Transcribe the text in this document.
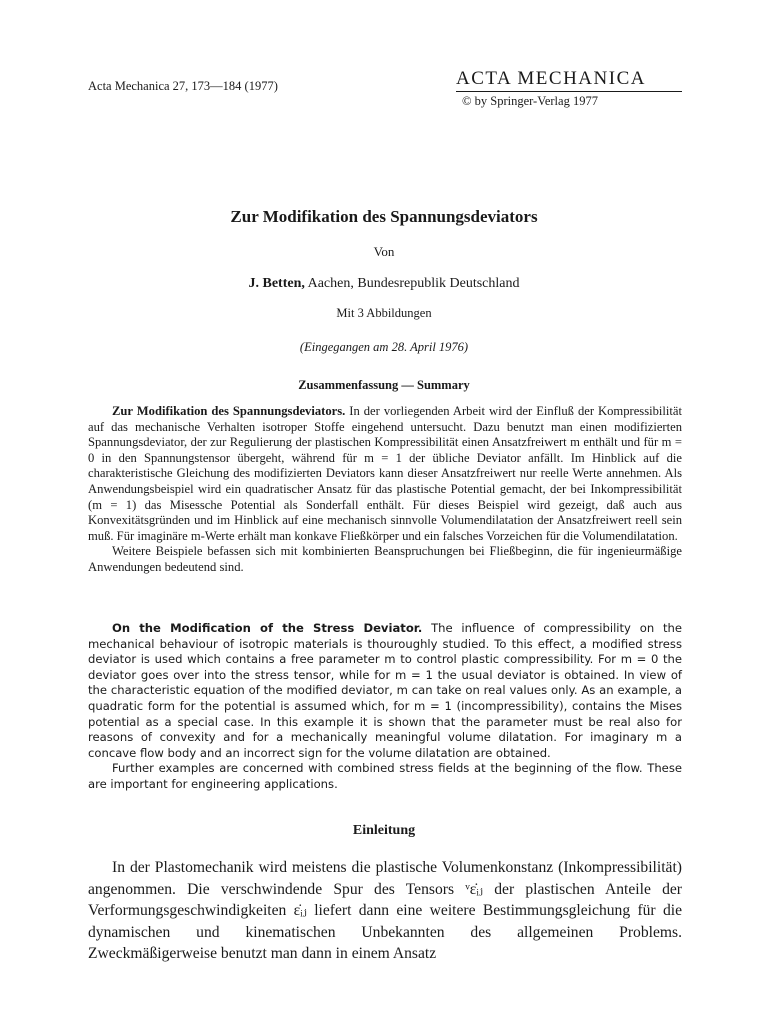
Acta Mechanica 27, 173—184 (1977)	ACTA MECHANICA
© by Springer-Verlag 1977
Zur Modifikation des Spannungsdeviators
Von
J. Betten, Aachen, Bundesrepublik Deutschland
Mit 3 Abbildungen
(Eingegangen am 28. April 1976)
Zusammenfassung — Summary

Zur Modifikation des Spannungsdeviators. In der vorliegenden Arbeit wird der Einfluß der Kompressibilität auf das mechanische Verhalten isotroper Stoffe eingehend untersucht. Dazu benutzt man einen modifizierten Spannungsdeviator, der zur Regulierung der plastischen Kompressibilität einen Ansatzfreiwert m enthält und für m = 0 in den Spannungstensor übergeht, während für m = 1 der übliche Deviator anfällt. Im Hinblick auf die charakteristische Gleichung des modifizierten Deviators kann dieser Ansatzfreiwert nur reelle Werte annehmen. Als Anwendungsbeispiel wird ein quadratischer Ansatz für das plastische Potential gemacht, der bei Inkompressibilität (m = 1) das Misessche Potential als Sonderfall enthält. Für dieses Beispiel wird gezeigt, daß auch aus Konvexitätsgründen und im Hinblick auf eine mechanisch sinnvolle Volumendilatation der Ansatzfreiwert reell sein muß. Für imaginäre m-Werte erhält man konkave Fließkörper und ein falsches Vorzeichen für die Volumendilatation.

Weitere Beispiele befassen sich mit kombinierten Beanspruchungen bei Fließbeginn, die für ingenieurmäßige Anwendungen bedeutend sind.

On the Modification of the Stress Deviator. The influence of compressibility on the mechanical behaviour of isotropic materials is thouroughly studied. To this effect, a modified stress deviator is used which contains a free parameter m to control plastic compressibility. For m = 0 the deviator goes over into the stress tensor, while for m = 1 the usual deviator is obtained. In view of the characteristic equation of the modified deviator, m can take on real values only. As an example, a quadratic form for the potential is assumed which, for m = 1 (incompressibility), contains the Mises potential as a special case. In this example it is shown that the parameter must be real also for reasons of convexity and for a mechanically meaningful volume dilatation. For imaginary m a concave flow body and an incorrect sign for the volume dilatation are obtained.

Further examples are concerned with combined stress fields at the beginning of the flow. These are important for engineering applications.

Einleitung

In der Plastomechanik wird meistens die plastische Volumenkonstanz (Inkompressibilität) angenommen. Die verschwindende Spur des Tensors ᵛε̇ᵢⱼ der plastischen Anteile der Verformungsgeschwindigkeiten ε̇ᵢⱼ liefert dann eine weitere Bestimmungsgleichung für die dynamischen und kinematischen Unbekannten des allgemeinen Problems. Zweckmäßigerweise benutzt man dann in einem Ansatz
